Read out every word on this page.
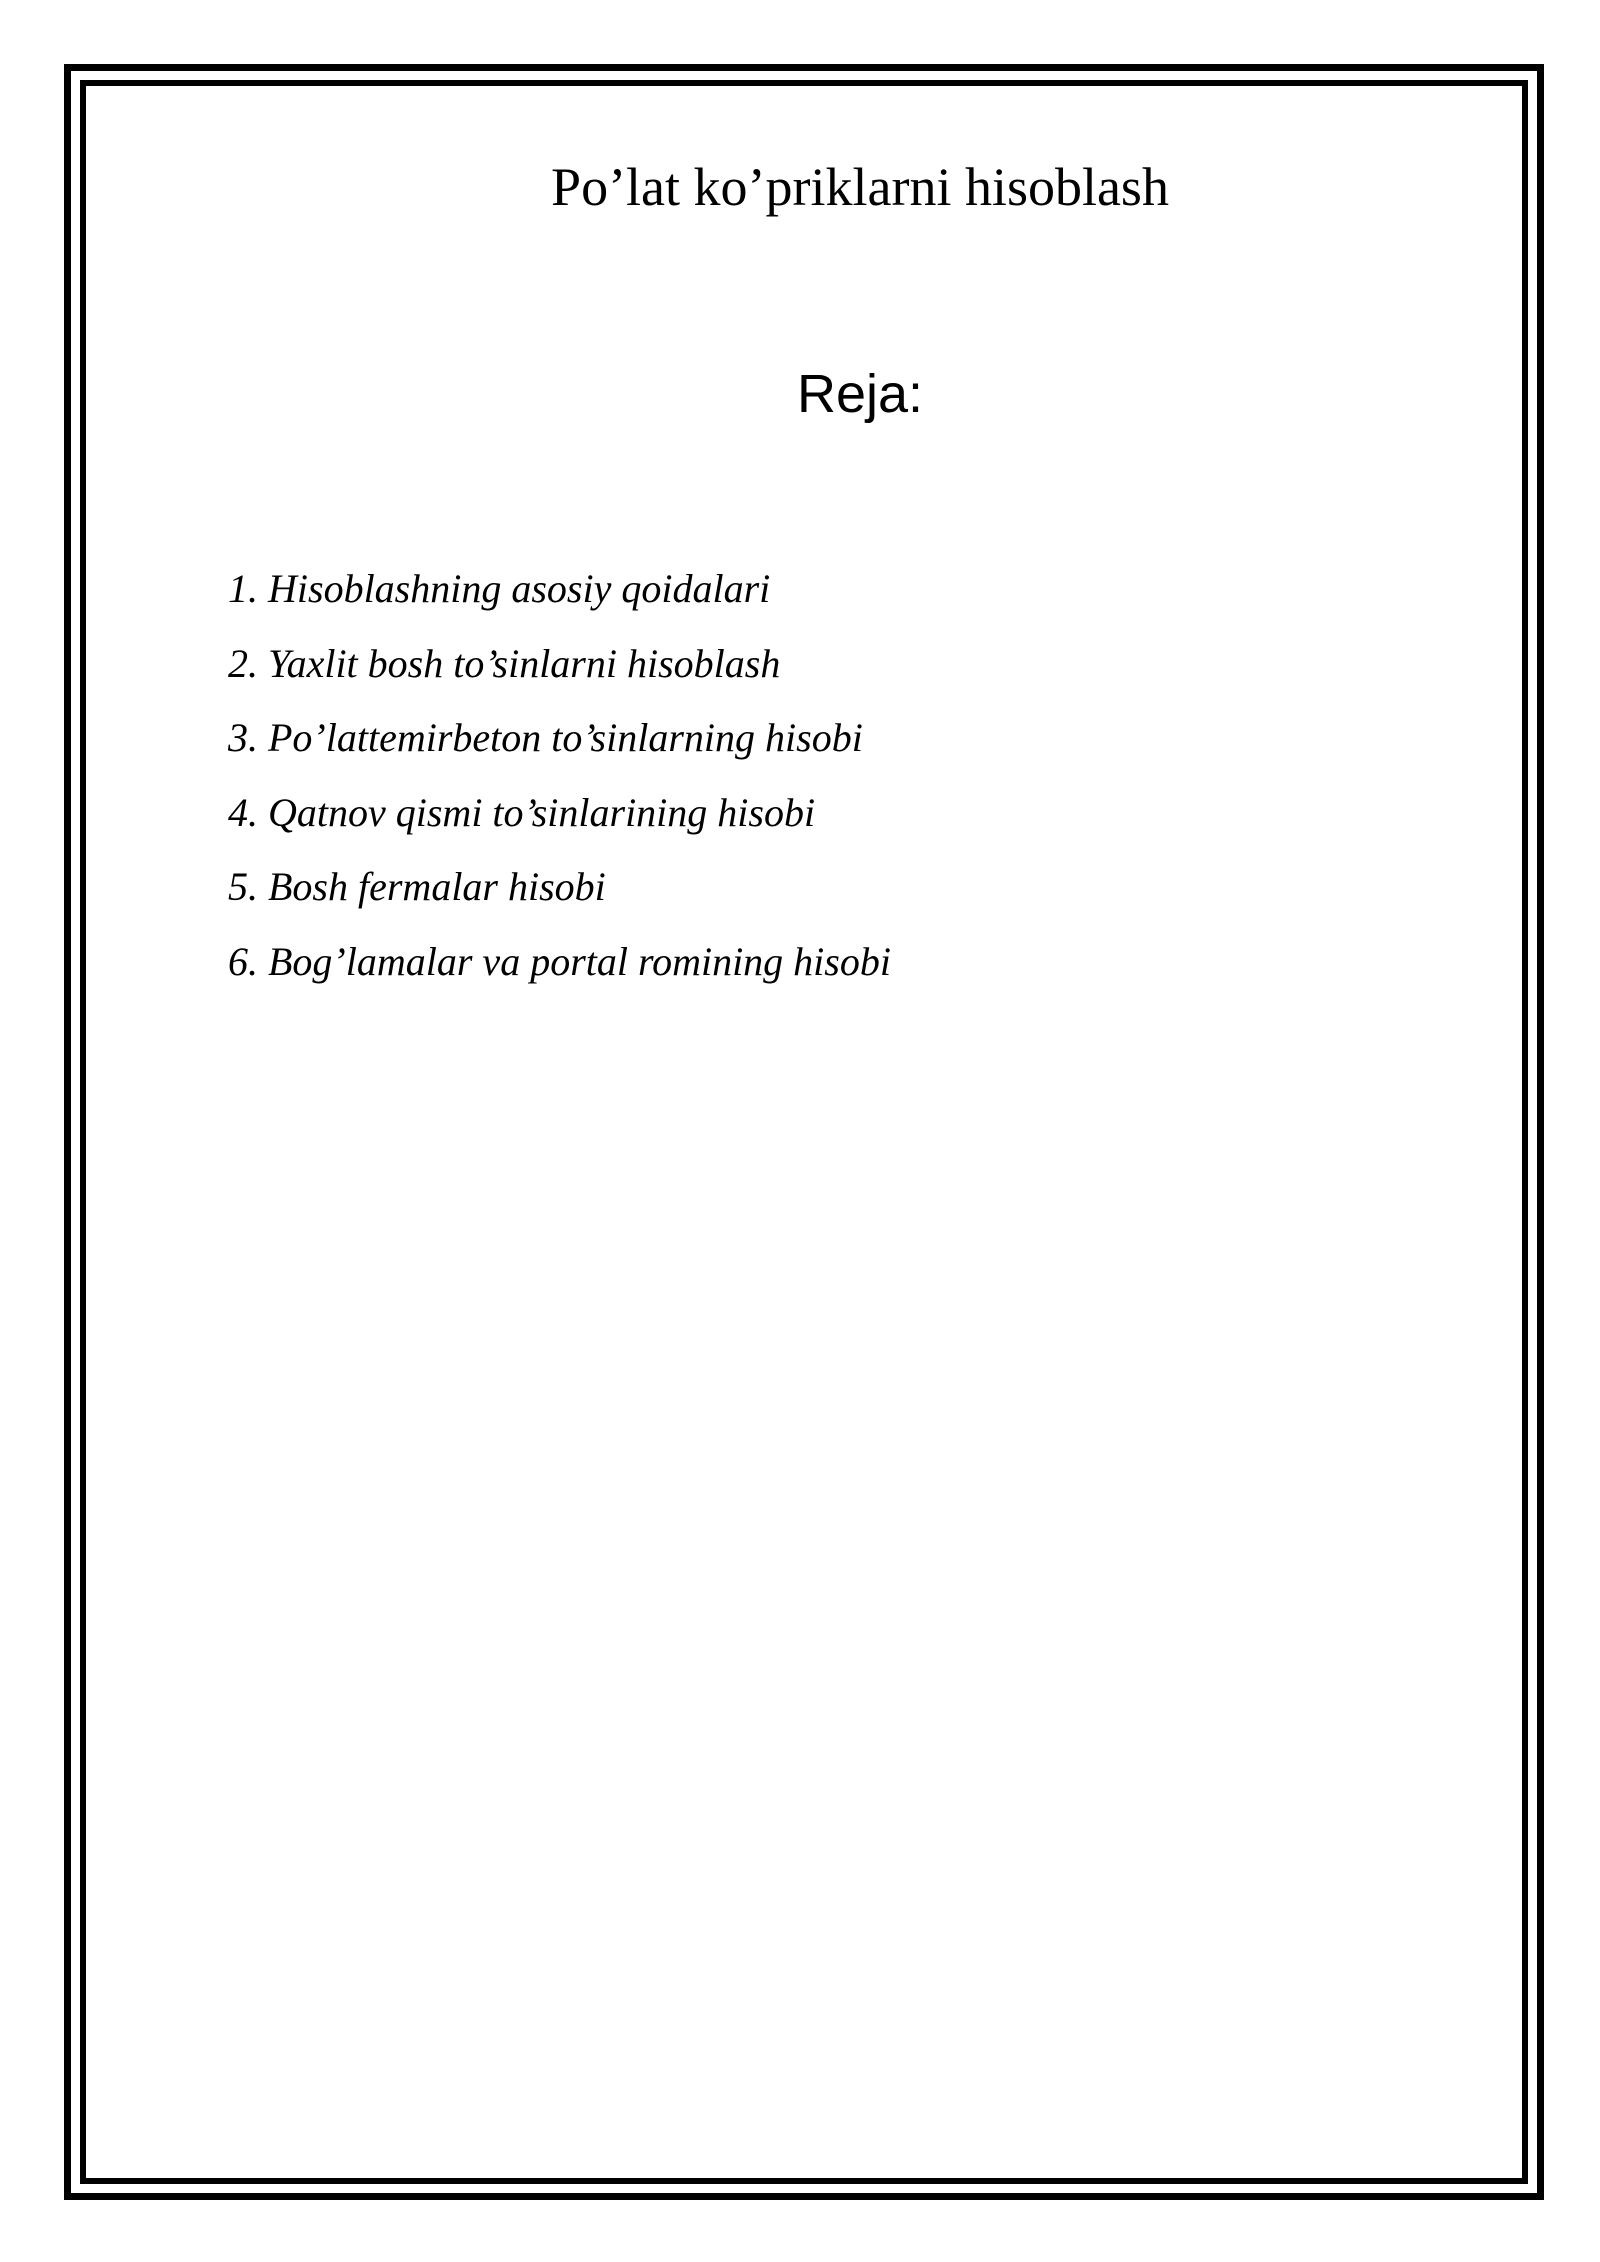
Po’lat ko’priklarni hisoblash
Reja:
1. Hisoblashning asosiy qoidalari
2. Yaxlit bosh to’sinlarni hisoblash
3. Po’lattemirbeton to’sinlarning hisobi
4. Qatnov qismi to’sinlarining hisobi
5. Bosh fermalar hisobi
6. Bog’lamalar va portal romining hisobi
